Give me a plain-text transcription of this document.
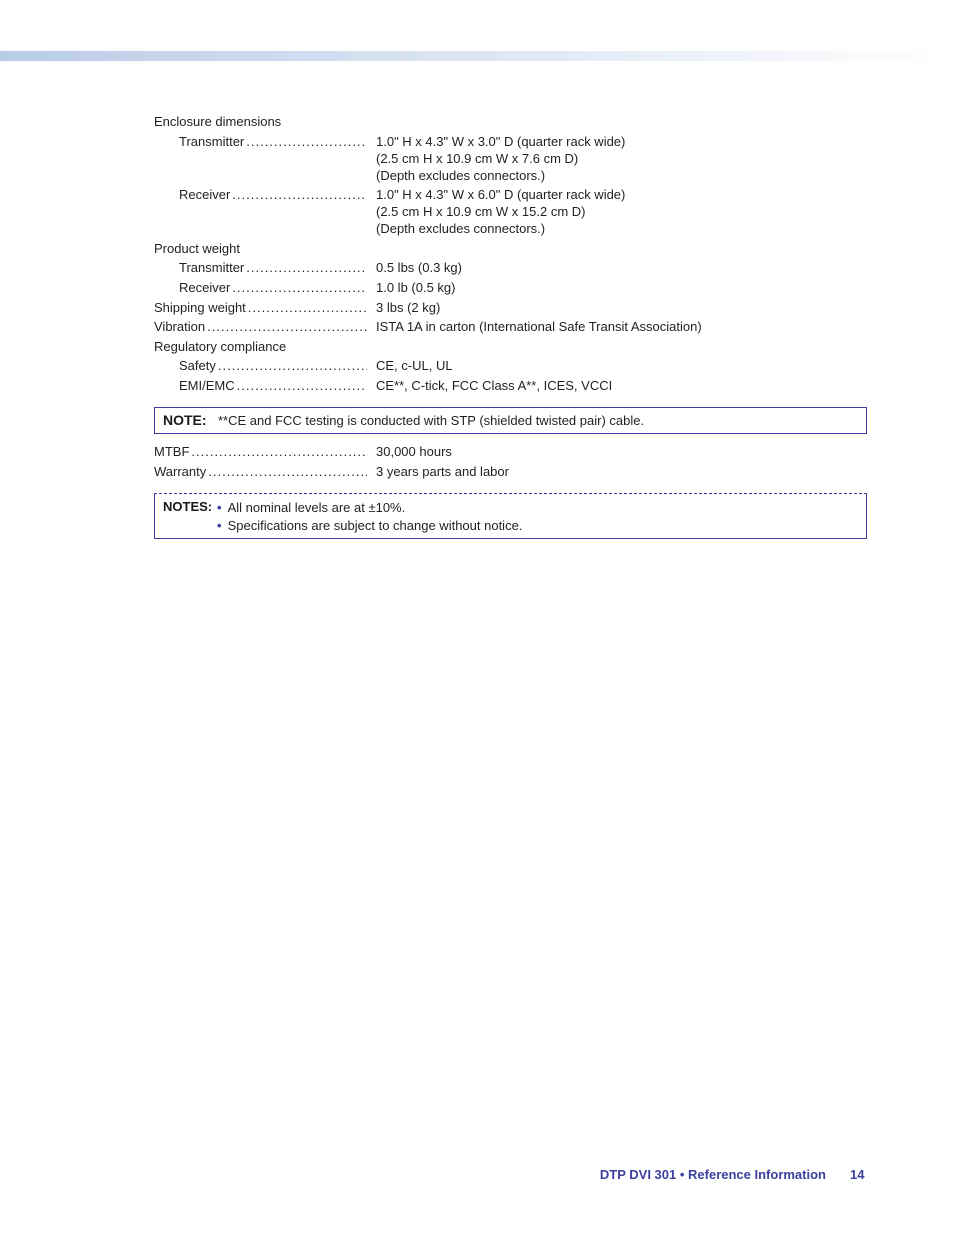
Enclosure dimensions
Transmitter .....	1.0" H x 4.3" W x 3.0" D (quarter rack wide)
(2.5 cm H x 10.9 cm W x 7.6 cm D)
(Depth excludes connectors.)
Receiver .....	1.0" H x 4.3" W x 6.0" D (quarter rack wide)
(2.5 cm H x 10.9 cm W x 15.2 cm D)
(Depth excludes connectors.)
Product weight
Transmitter .....	0.5 lbs (0.3 kg)
Receiver .....	1.0 lb (0.5 kg)
Shipping weight .....	3 lbs (2 kg)
Vibration .....	ISTA 1A in carton (International Safe Transit Association)
Regulatory compliance
Safety .....	CE, c-UL, UL
EMI/EMC .....	CE**, C-tick, FCC Class A**, ICES, VCCI
NOTE: **CE and FCC testing is conducted with STP (shielded twisted pair) cable.
MTBF .....	30,000 hours
Warranty .....	3 years parts and labor
NOTES: • All nominal levels are at ±10%.
• Specifications are subject to change without notice.
DTP DVI 301 • Reference Information 14
